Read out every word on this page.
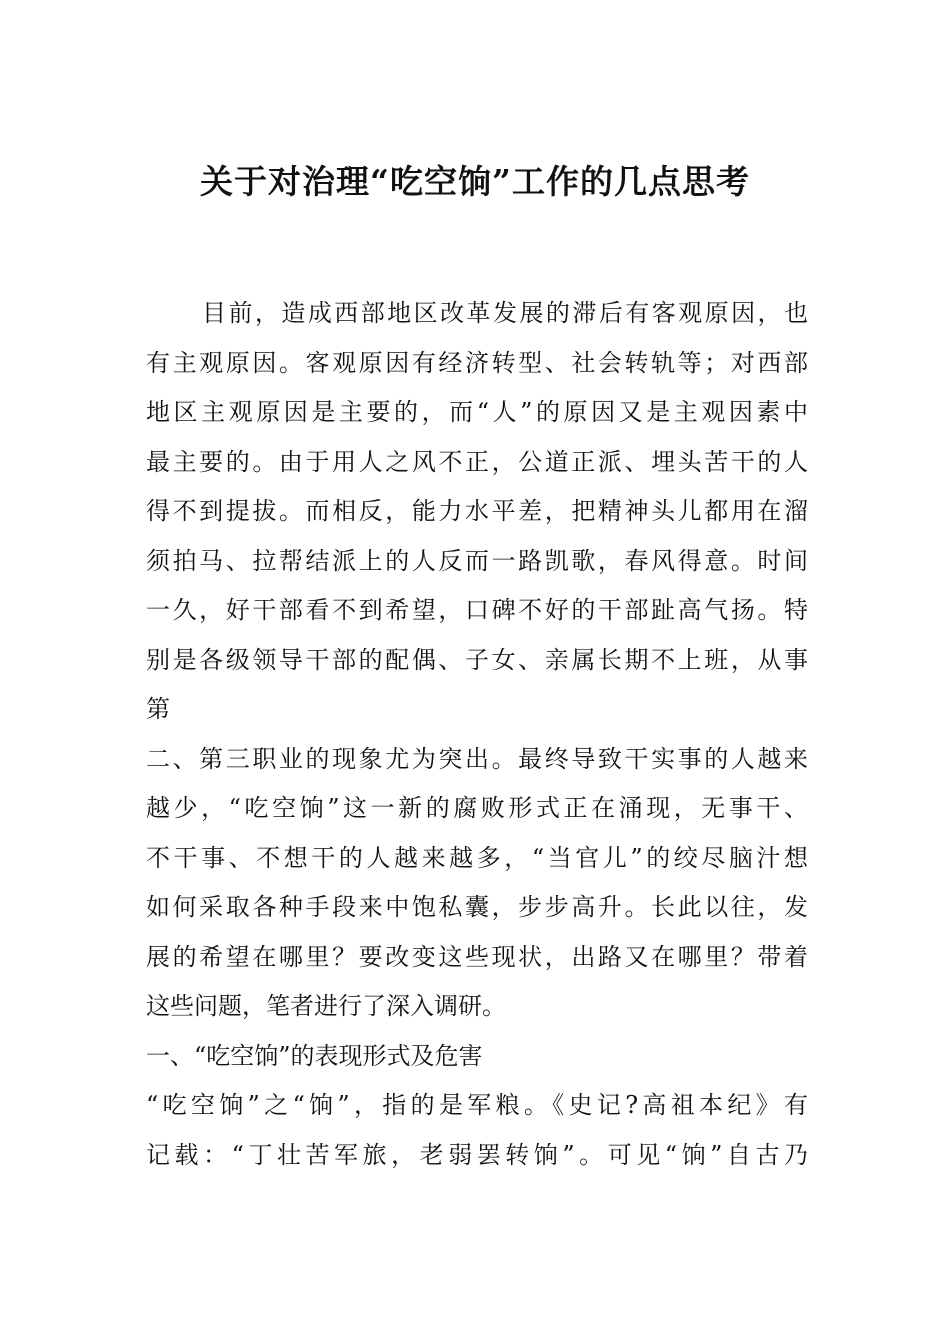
关于对治理“吃空饷”工作的几点思考
目前，造成西部地区改革发展的滞后有客观原因，也
有主观原因。客观原因有经济转型、社会转轨等；对西部
地区主观原因是主要的，而“人”的原因又是主观因素中
最主要的。由于用人之风不正，公道正派、埋头苦干的人
得不到提拔。而相反，能力水平差，把精神头儿都用在溜
须拍马、拉帮结派上的人反而一路凯歌，春风得意。时间
一久，好干部看不到希望，口碑不好的干部趾高气扬。特
别是各级领导干部的配偶、子女、亲属长期不上班，从事
第
二、第三职业的现象尤为突出。最终导致干实事的人越来
越少，“吃空饷”这一新的腐败形式正在涌现，无事干、
不干事、不想干的人越来越多，“当官儿”的绞尽脑汁想
如何采取各种手段来中饱私囊，步步高升。长此以往，发
展的希望在哪里？要改变这些现状，出路又在哪里？带着
这些问题，笔者进行了深入调研。
一、“吃空饷”的表现形式及危害
“吃空饷”之“饷”，指的是军粮。《史记?高祖本纪》有
记载：“丁壮苦军旅，老弱罢转饷”。可见“饷”自古乃
